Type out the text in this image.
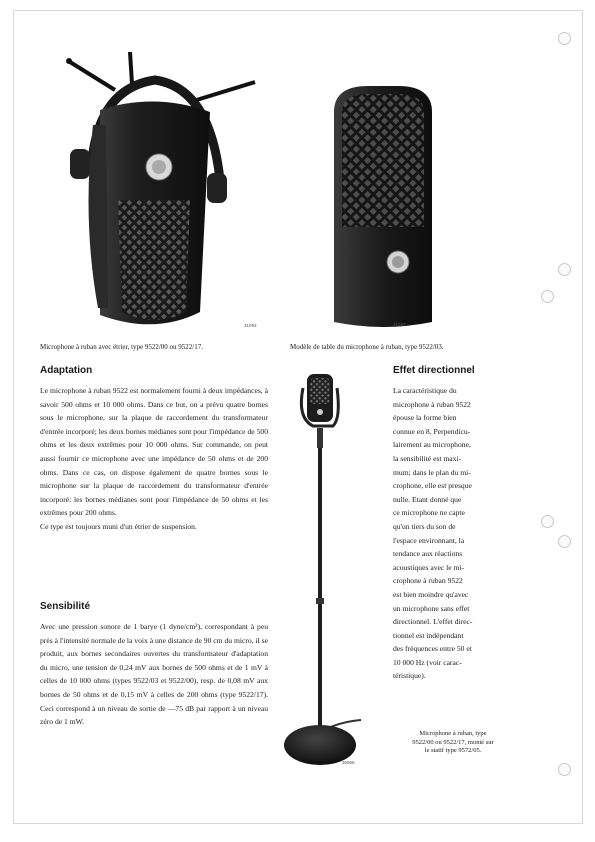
31093
Microphone à ruban avec étrier, type 9522/00 ou 9522/17.
31093
Modèle de table du microphone à ruban, type 9522/03.
Adaptation

Le microphone à ruban 9522 est normalement fourni à deux impédances, à savoir 500 ohms et 10 000 ohms. Dans ce but, on a prévu quatre bornes sous le microphone, sur la plaque de raccordement du transformateur d'entrée incorporé; les deux bornes médianes sont pour l'impédance de 500 ohms et les deux extrêmes pour 10 000 ohms. Sur commande, on peut aussi fournir ce microphone avec une impédance de 50 ohms et de 200 ohms. Dans ce cas, on dispose également de quatre bornes sous le microphone sur la plaque de raccordement du transformateur d'entrée incorporé: les bornes médianes sont pour l'impédance de 50 ohms et les extrêmes pour 200 ohms.

Ce type est toujours muni d'un étrier de suspension.

Sensibilité

Avec une pression sonore de 1 barye (1 dyne/cm²), correspondant à peu près à l'intensité normale de la voix à une distance de 90 cm du micro, il se produit, aux bornes secondaires ouvertes du transformateur d'adaptation du micro, une tension de 0,24 mV aux bornes de 500 ohms et de 1 mV à celles de 10 000 ohms (types 9522/03 et 9522/00), resp. de 0,08 mV aux bornes de 50 ohms et de 0,15 mV à celles de 200 ohms (type 9522/17). Ceci correspond à un niveau de sortie de —75 dB par rapport à un niveau zéro de 1 mW.

36968
Effet directionnel
La caractéristique du
microphone à ruban 9522
épouse la forme bien
connue en 8. Perpendicu-
lairement au microphone,
la sensibilité est maxi-
mum; dans le plan du mi-
crophone, elle est presque
nulle. Etant donné que
ce microphone ne capte
qu'un tiers du son de
l'espace environnant, la
tendance aux réactions
acoustiques avec le mi-
crophone à ruban 9522
est bien moindre qu'avec
un microphone sans effet
directionnel. L'effet direc-
tionnel est indépendant
des fréquences entre 50 et
10 000 Hz (voir carac-
téristique).
Microphone à ruban, type
9522/00 ou 9522/17, monté sur
le statif type 9572/05.
